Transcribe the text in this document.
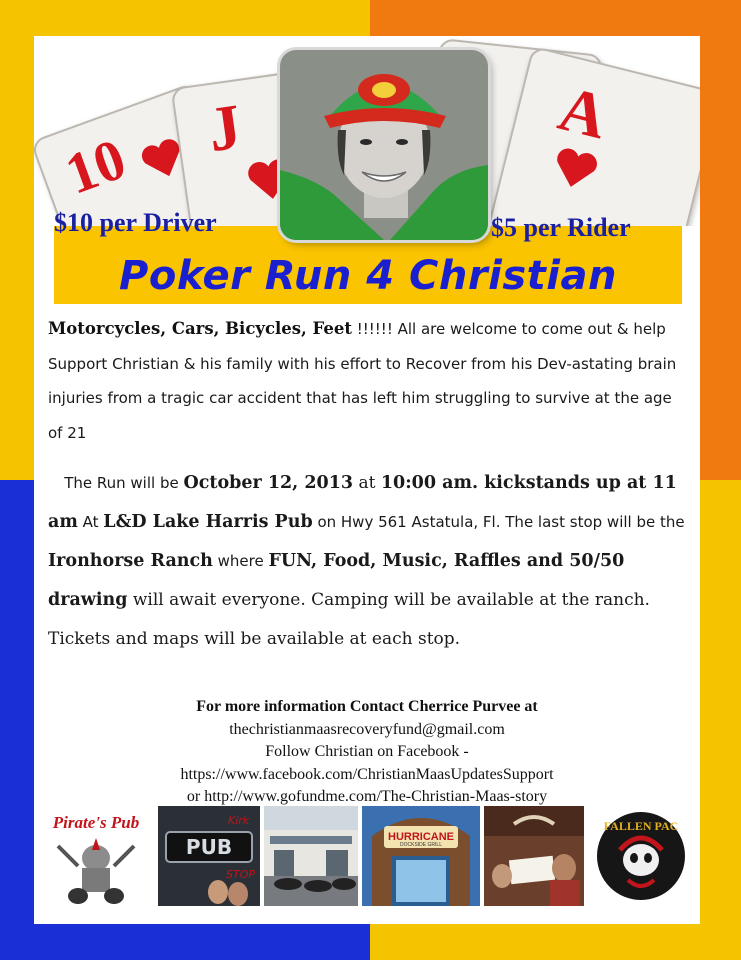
10 J	A
$10 per Driver	$5 per Rider
Poker Run 4 Christian
Motorcycles, Cars, Bicycles, Feet !!!!!! All are welcome to come out & help Support Christian & his family with his effort to Recover from his Dev-astating brain injuries from a tragic car accident that has left him struggling to survive at the age of 21
The Run will be October 12, 2013 at 10:00 am. kickstands up at 11 am At L&D Lake Harris Pub on Hwy 561 Astatula, Fl. The last stop will be the Ironhorse Ranch where FUN, Food, Music, Raffles and 50/50 drawing will await everyone. Camping will be available at the ranch. Tickets and maps will be available at each stop.
For more information Contact Cherrice Purvee at
thechristianmaasrecoveryfund@gmail.com
Follow Christian on Facebook -
https://www.facebook.com/ChristianMaasUpdatesSupport
or http://www.gofundme.com/The-Christian-Maas-story
Pirate's Pub
PUB
Kirk
STOP
HURRICANE
DOCKSIDE GRILL
FALLEN PAC
